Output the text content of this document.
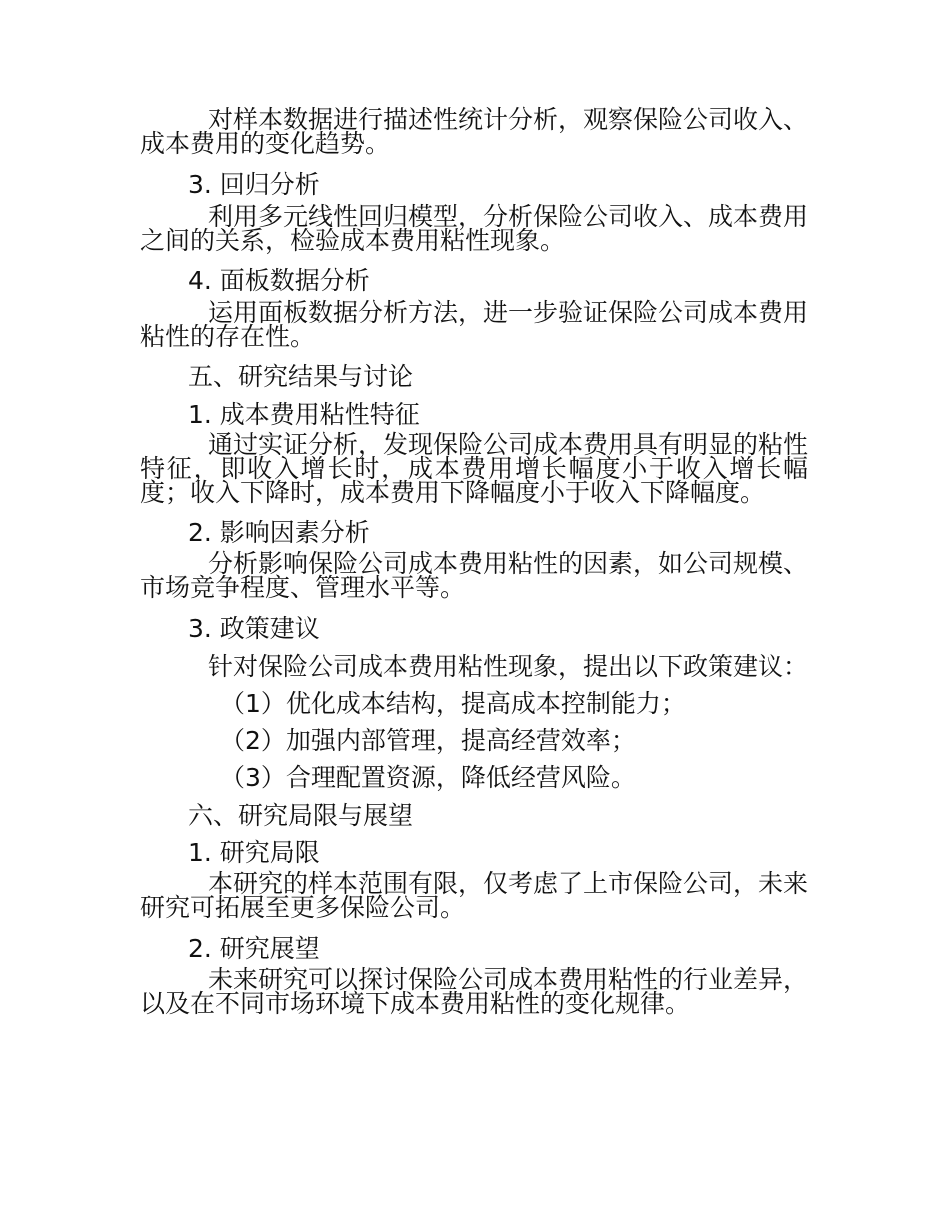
对样本数据进行描述性统计分析，观察保险公司收入、成本费用的变化趋势。

3. 回归分析

利用多元线性回归模型，分析保险公司收入、成本费用之间的关系，检验成本费用粘性现象。

4. 面板数据分析

运用面板数据分析方法，进一步验证保险公司成本费用粘性的存在性。

五、研究结果与讨论
1. 成本费用粘性特征

通过实证分析，发现保险公司成本费用具有明显的粘性特征，即收入增长时，成本费用增长幅度小于收入增长幅度；收入下降时，成本费用下降幅度小于收入下降幅度。

2. 影响因素分析

分析影响保险公司成本费用粘性的因素，如公司规模、市场竞争程度、管理水平等。

3. 政策建议
针对保险公司成本费用粘性现象，提出以下政策建议：
（1）优化成本结构，提高成本控制能力；
（2）加强内部管理，提高经营效率；
（3）合理配置资源，降低经营风险。
六、研究局限与展望
1. 研究局限

本研究的样本范围有限，仅考虑了上市保险公司，未来研究可拓展至更多保险公司。

2. 研究展望

未来研究可以探讨保险公司成本费用粘性的行业差异，以及在不同市场环境下成本费用粘性的变化规律。
